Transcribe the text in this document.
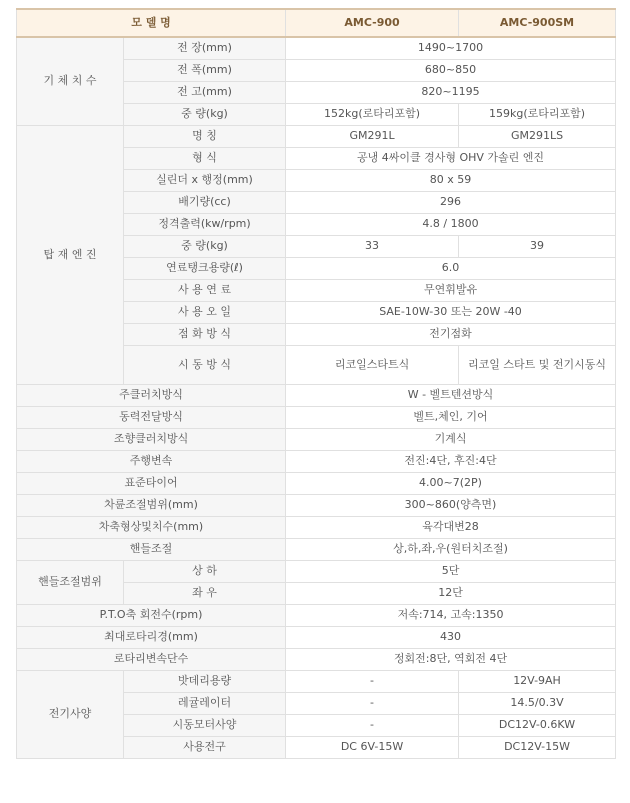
모 델 명		AMC-900	AMC-900SM
기 체 치 수	전 장(mm)	1490~1700	
	전 폭(mm)	680~850	
	전 고(mm)	820~1195	
	중 량(kg)	152kg(로타리포함)	159kg(로타리포함)
탑 재 엔 진	명 칭	GM291L	GM291LS
	형 식	공냉 4싸이클 경사형 OHV 가솔린 엔진	
	실린더 x 행정(mm)	80 x 59	
	배기량(cc)	296	
	정격출력(kw/rpm)	4.8 / 1800	
	중 량(kg)	33	39
	연료탱크용량(ℓ)	6.0	
	사 용 연 료	무연휘발유	
	사 용 오 일	SAE-10W-30 또는 20W -40	
	점 화 방 식	전기점화	
	시 동 방 식	리코일스타트식	리코일 스타트 및 전기시동식
주클러치방식		W - 벨트텐션방식	
동력전달방식		벨트,체인, 기어	
조향클러치방식		기계식	
주행변속		전진:4단, 후진:4단	
표준타이어		4.00~7(2P)	
차륜조절범위(mm)		300~860(양측면)	
차축형상및치수(mm)		육각대변28	
핸들조절		상,하,좌,우(원터치조절)	
핸들조절범위	상 하	5단	
	좌 우	12단	
P.T.O축 회전수(rpm)		저속:714, 고속:1350	
최대로타리경(mm)		430	
로타리변속단수		정회전:8단, 역회전 4단	
전기사양	밧데리용량	-	12V-9AH
	레귤레이터	-	14.5/0.3V
	시동모터사양	-	DC12V-0.6KW
	사용전구	DC 6V-15W	DC12V-15W
